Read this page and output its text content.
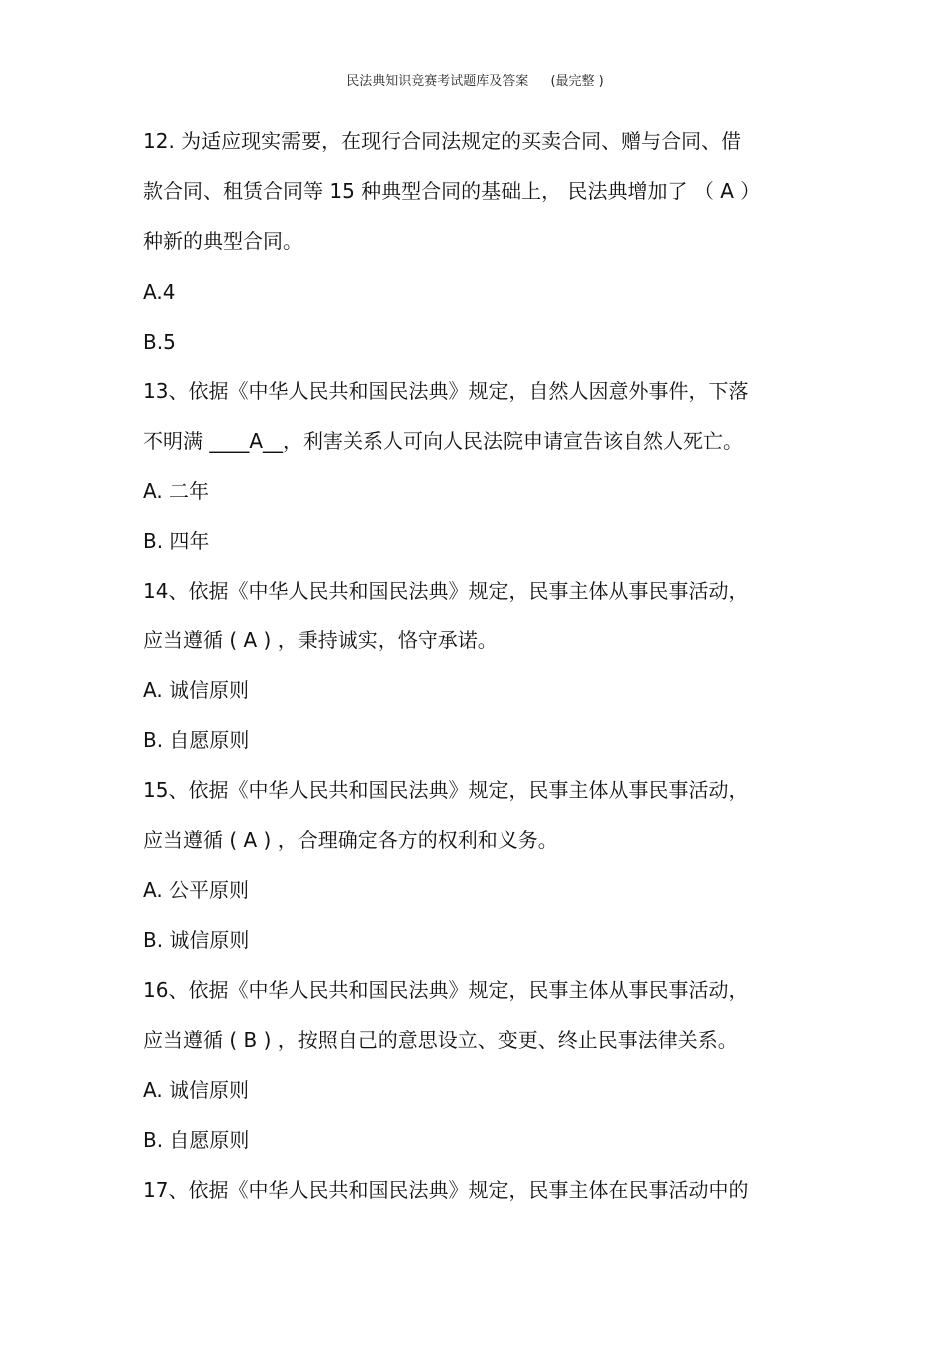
民法典知识竞赛考试题库及答案 (最完整 )
12. 为适应现实需要，在现行合同法规定的买卖合同、赠与合同、借
款合同、租赁合同等 15 种典型合同的基础上， 民法典增加了 （ A ）
种新的典型合同。
A.4
B.5
13、依据《中华人民共和国民法典》规定，自然人因意外事件，下落
不明满 ____A__，利害关系人可向人民法院申请宣告该自然人死亡。
A. 二年
B. 四年
14、依据《中华人民共和国民法典》规定，民事主体从事民事活动，
应当遵循 ( A ) ，秉持诚实，恪守承诺。
A. 诚信原则
B. 自愿原则
15、依据《中华人民共和国民法典》规定，民事主体从事民事活动，
应当遵循 ( A ) ，合理确定各方的权利和义务。
A. 公平原则
B. 诚信原则
16、依据《中华人民共和国民法典》规定，民事主体从事民事活动，
应当遵循 ( B ) ，按照自己的意思设立、变更、终止民事法律关系。
A. 诚信原则
B. 自愿原则
17、依据《中华人民共和国民法典》规定，民事主体在民事活动中的
